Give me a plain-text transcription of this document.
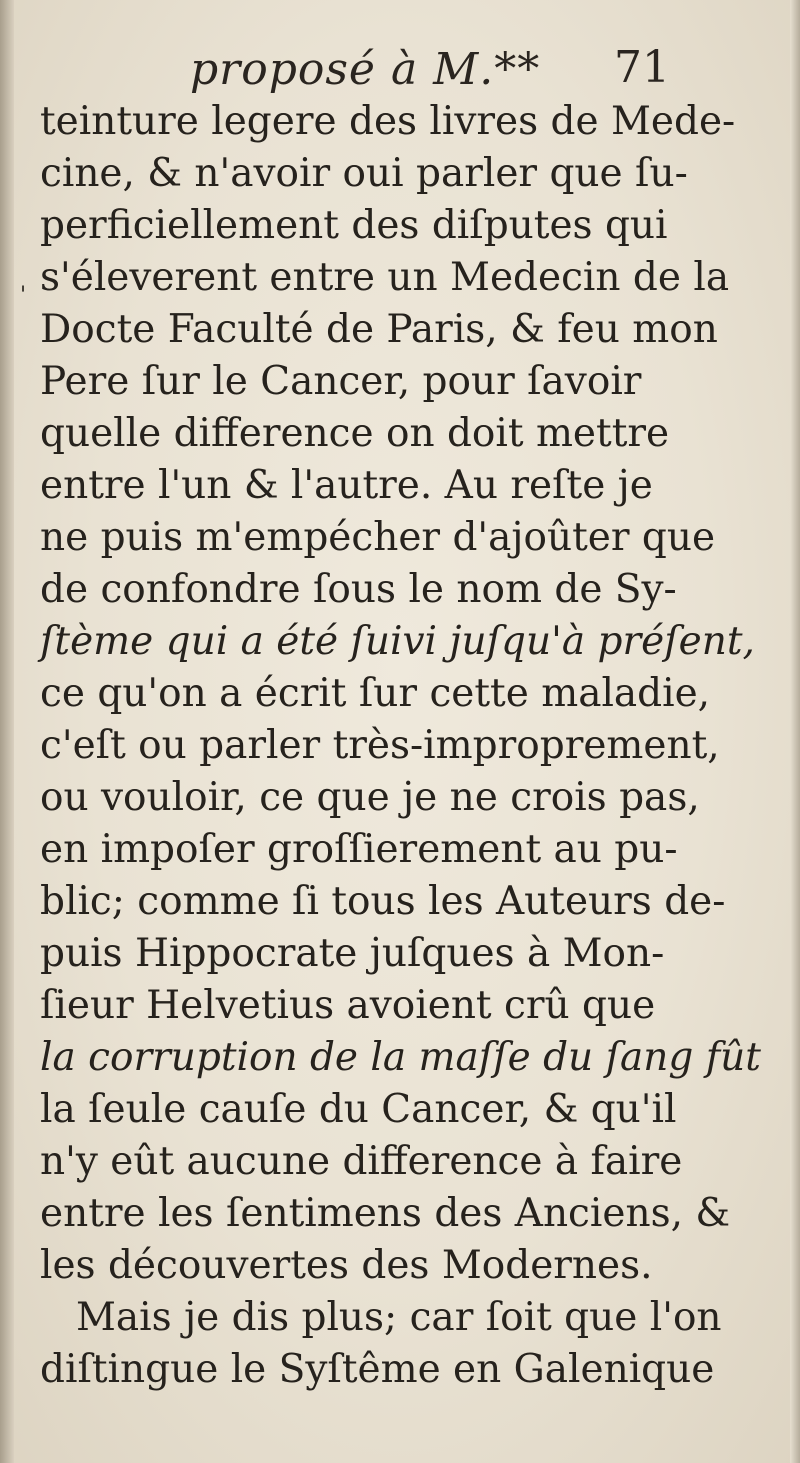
proposé à M.** 71
'
teinture legere des livres de Mede-
cine, & n'avoir oui parler que ſu-
perficiellement des diſputes qui
s'éleverent entre un Medecin de la
Docte Faculté de Paris, & feu mon
Pere ſur le Cancer, pour ſavoir
quelle difference on doit mettre
entre l'un & l'autre. Au reſte je
ne puis m'empécher d'ajoûter que
de confondre ſous le nom de Sy-
ſtème qui a été ſuivi juſqu'à préſent,
ce qu'on a écrit ſur cette maladie,
c'eſt ou parler très-improprement,
ou vouloir, ce que je ne crois pas,
en impoſer groſſierement au pu-
blic; comme ſi tous les Auteurs de-
puis Hippocrate juſques à Mon-
ſieur Helvetius avoient crû que
la corruption de la maſſe du ſang fût
la ſeule cauſe du Cancer, & qu'il
n'y eût aucune difference à faire
entre les ſentimens des Anciens, &
les découvertes des Modernes.
Mais je dis plus; car ſoit que l'on
diſtingue le Syſtême en Galenique
